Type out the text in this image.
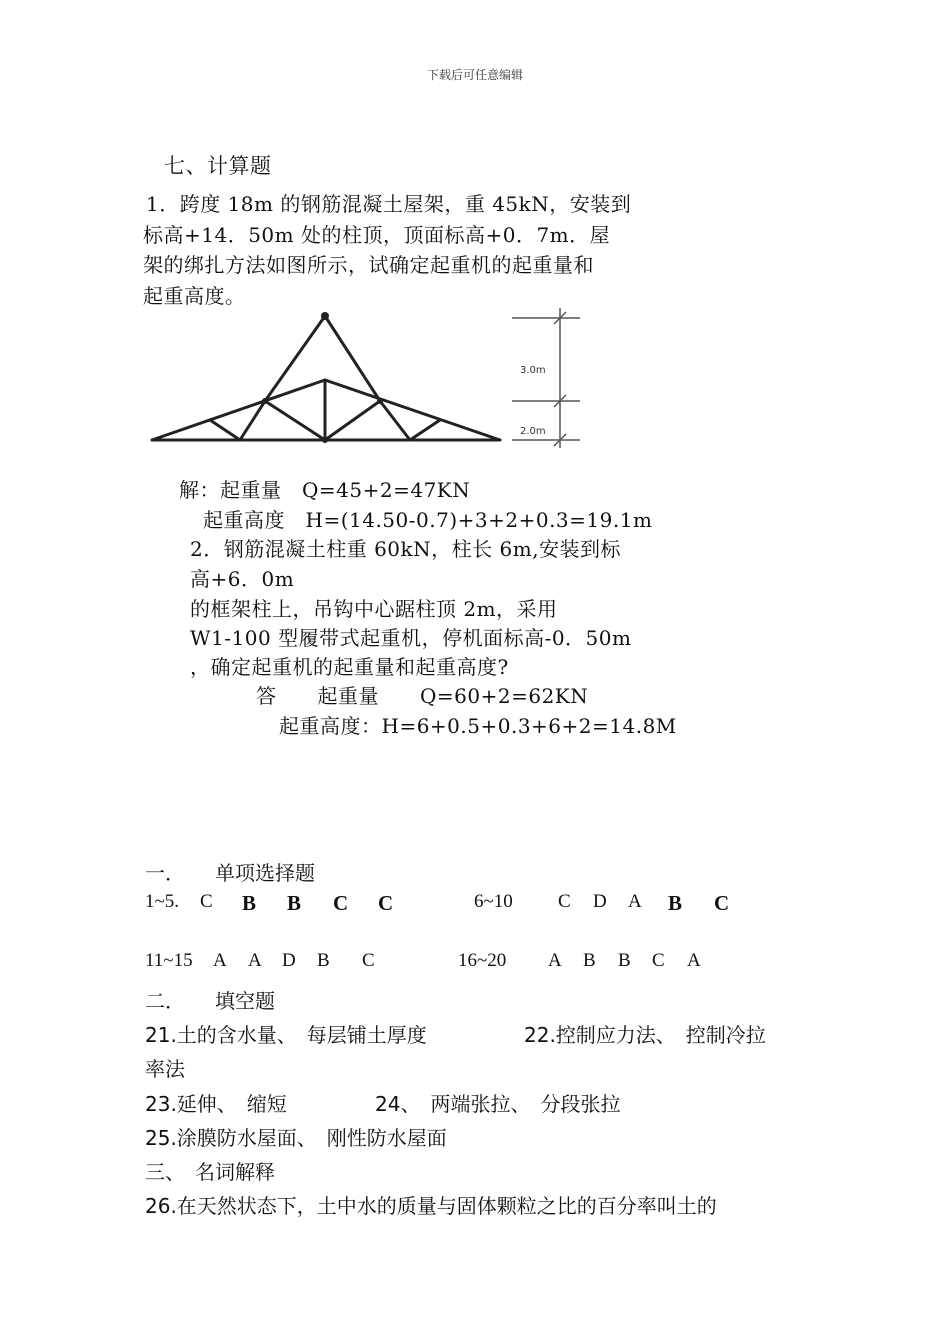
下载后可任意编辑
七、计算题
1．跨度 18m 的钢筋混凝土屋架，重 45kN，安装到
标高+14．50m 处的柱顶，顶面标高+0．7m．屋
架的绑扎方法如图所示，试确定起重机的起重量和
起重高度。
3.0m
2.0m
解：起重量　Q=45+2=47KN
起重高度　H=(14.50-0.7)+3+2+0.3=19.1m
2．钢筋混凝土柱重 60kN，柱长 6m,安装到标
高+6．0m
的框架柱上，吊钩中心踞柱顶 2m，采用
W1-100 型履带式起重机，停机面标高-0．50m
，确定起重机的起重量和起重高度?
答　　起重量　　Q=60+2=62KN
起重高度：H=6+0.5+0.3+6+2=14.8M
一．　　单项选择题
1~5. C B B C C	6~10 C D A B C
11~15 A A D B C	16~20 A B B C A
二．　　填空题
21.土的含水量、　每层铺土厚度	22.控制应力法、　控制冷拉
率法
23.延伸、　缩短	24、　两端张拉、　分段张拉
25.涂膜防水屋面、　刚性防水屋面
三、　名词解释
26.在天然状态下，土中水的质量与固体颗粒之比的百分率叫土的
